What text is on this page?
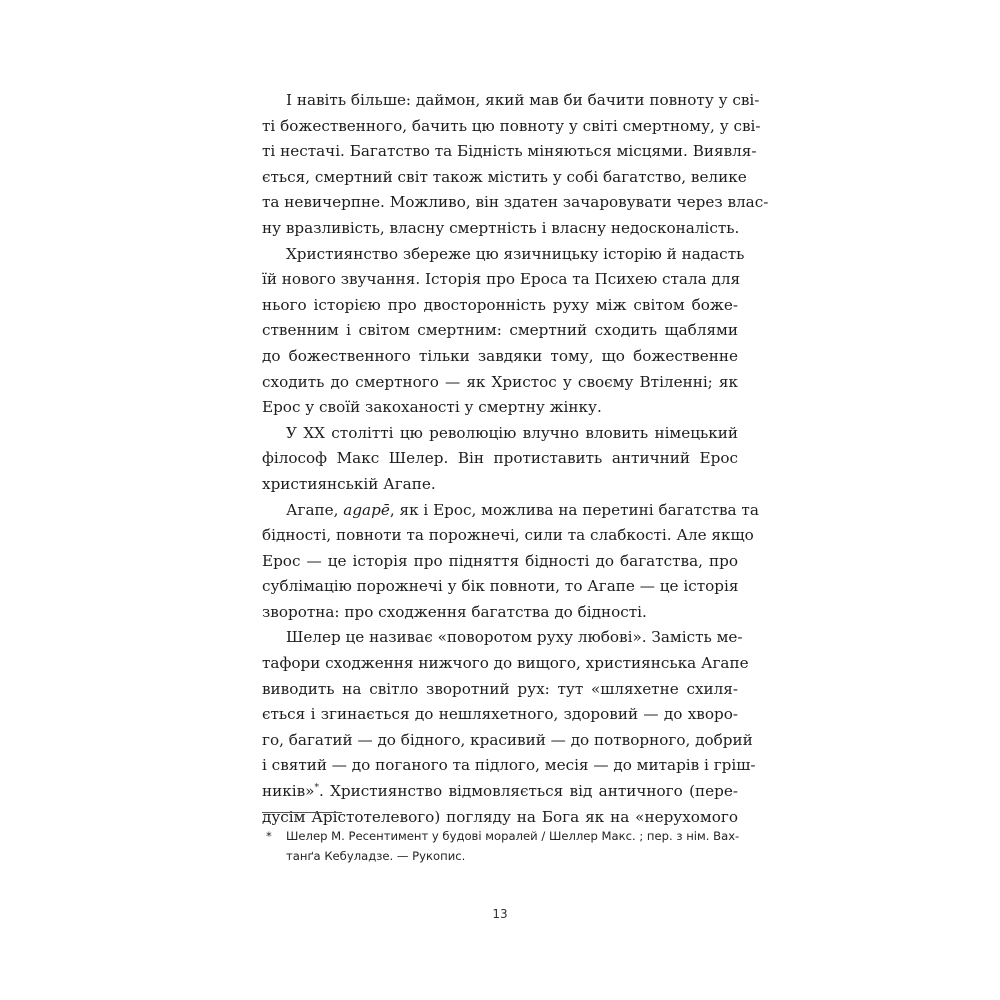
І навіть більше: даймон, який мав би бачити повноту у сві-
ті божественного, бачить цю повноту у світі смертному, у сві-
ті нестачі. Багатство та Бідність міняються місцями. Виявля-
ється, смертний світ також містить у собі багатство, велике
та невичерпне. Можливо, він здатен зачаровувати через влас-
ну вразливість, власну смертність і власну недосконалість.
Християнство збереже цю язичницьку історію й надасть
їй нового звучання. Історія про Ероса та Психею стала для
нього історією про двосторонність руху між світом боже-
ственним і світом смертним: смертний сходить щаблями
до божественного тільки завдяки тому, що божественне
сходить до смертного — як Христос у своєму Втіленні; як
Ерос у своїй закоханості у смертну жінку.
У ХХ столітті цю революцію влучно вловить німецький
філософ Макс Шелер. Він протиставить античний Ерос
християнській Агапе.
Агапе, agapē, як і Ерос, можлива на перетині багатства та
бідності, повноти та порожнечі, сили та слабкості. Але якщо
Ерос — це історія про підняття бідності до багатства, про
сублімацію порожнечі у бік повноти, то Агапе — це історія
зворотна: про сходження багатства до бідності.
Шелер це називає «поворотом руху любові». Замість ме-
тафори сходження нижчого до вищого, християнська Агапе
виводить на світло зворотний рух: тут «шляхетне схиля-
ється і згинається до нешляхетного, здоровий — до хворо-
го, багатий — до бідного, красивий — до потворного, добрий
і святий — до поганого та підлого, месія — до митарів і грiш-
ників»*. Християнство відмовляється від античного (пере-
дусім Арістотелевого) погляду на Бога як на «нерухомого
* Шелер М. Ресентимент у будові моралей / Шеллер Макс. ; пер. з нім. Вах-
танґа Кебуладзе. — Рукопис.
13
